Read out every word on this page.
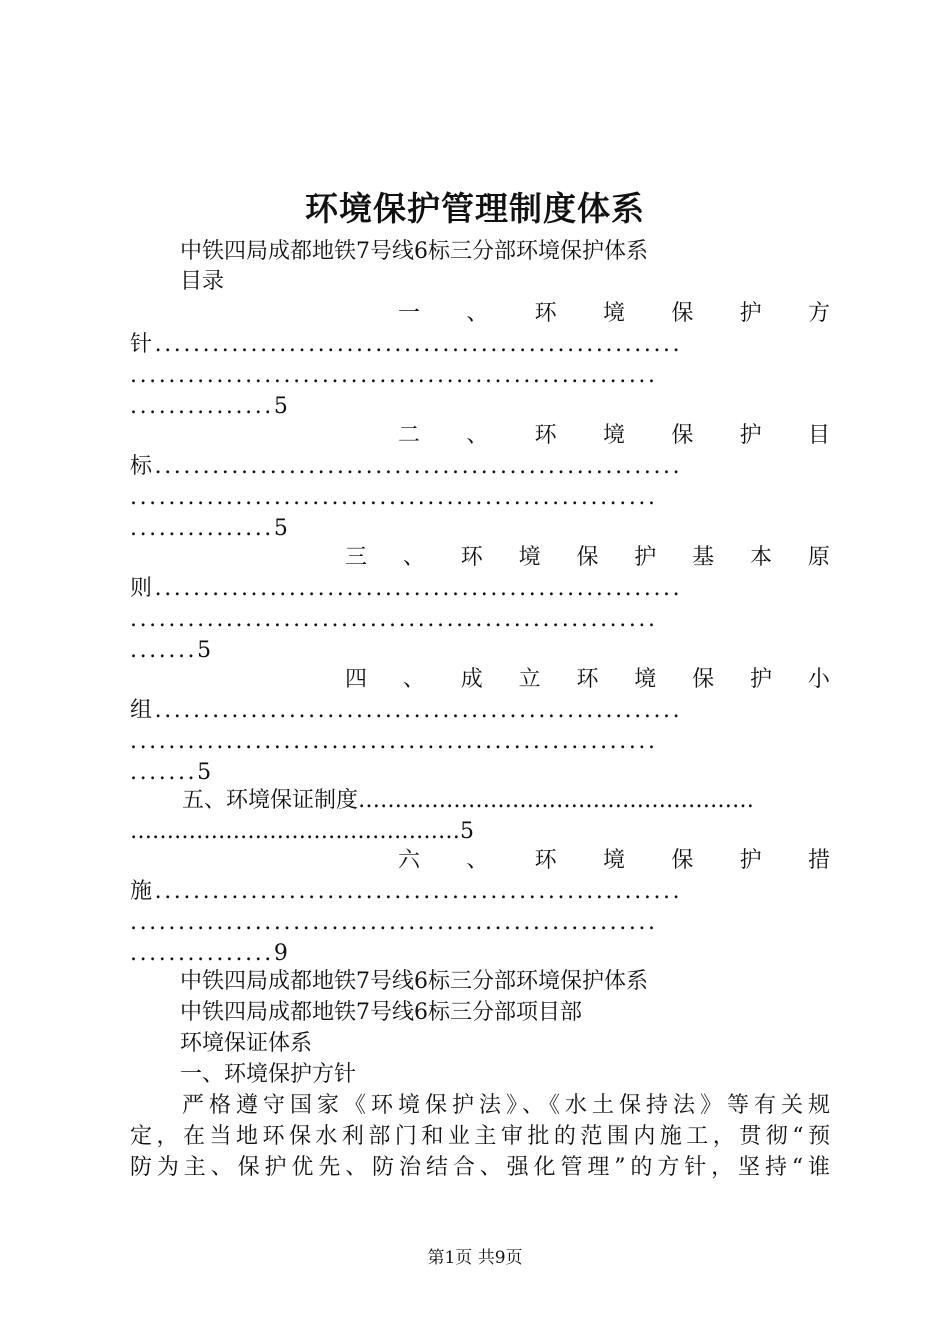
环境保护管理制度体系
中铁四局成都地铁7号线6标三分部环境保护体系
目录
一 、 环 境 保 护 方
针.......................................................
.......................................................
...............5
二 、 环 境 保 护 目
标.......................................................
.......................................................
...............5
三 、 环 境 保 护 基 本 原
则.......................................................
.......................................................
.......5
四 、 成 立 环 境 保 护 小
组.......................................................
.......................................................
.......5
五、环境保证制度………………………………………………
………………………………………5
六 、 环 境 保 护 措
施.......................................................
.......................................................
...............9
中铁四局成都地铁7号线6标三分部环境保护体系
中铁四局成都地铁7号线6标三分部项目部
环境保证体系
一、环境保护方针
严格遵守国家《环境保护法》、《水土保持法》等有关规
定，在当地环保水利部门和业主审批的范围内施工，贯彻“预
防为主、保护优先、防治结合、强化管理”的方针，坚持“谁
第1页 共9页
